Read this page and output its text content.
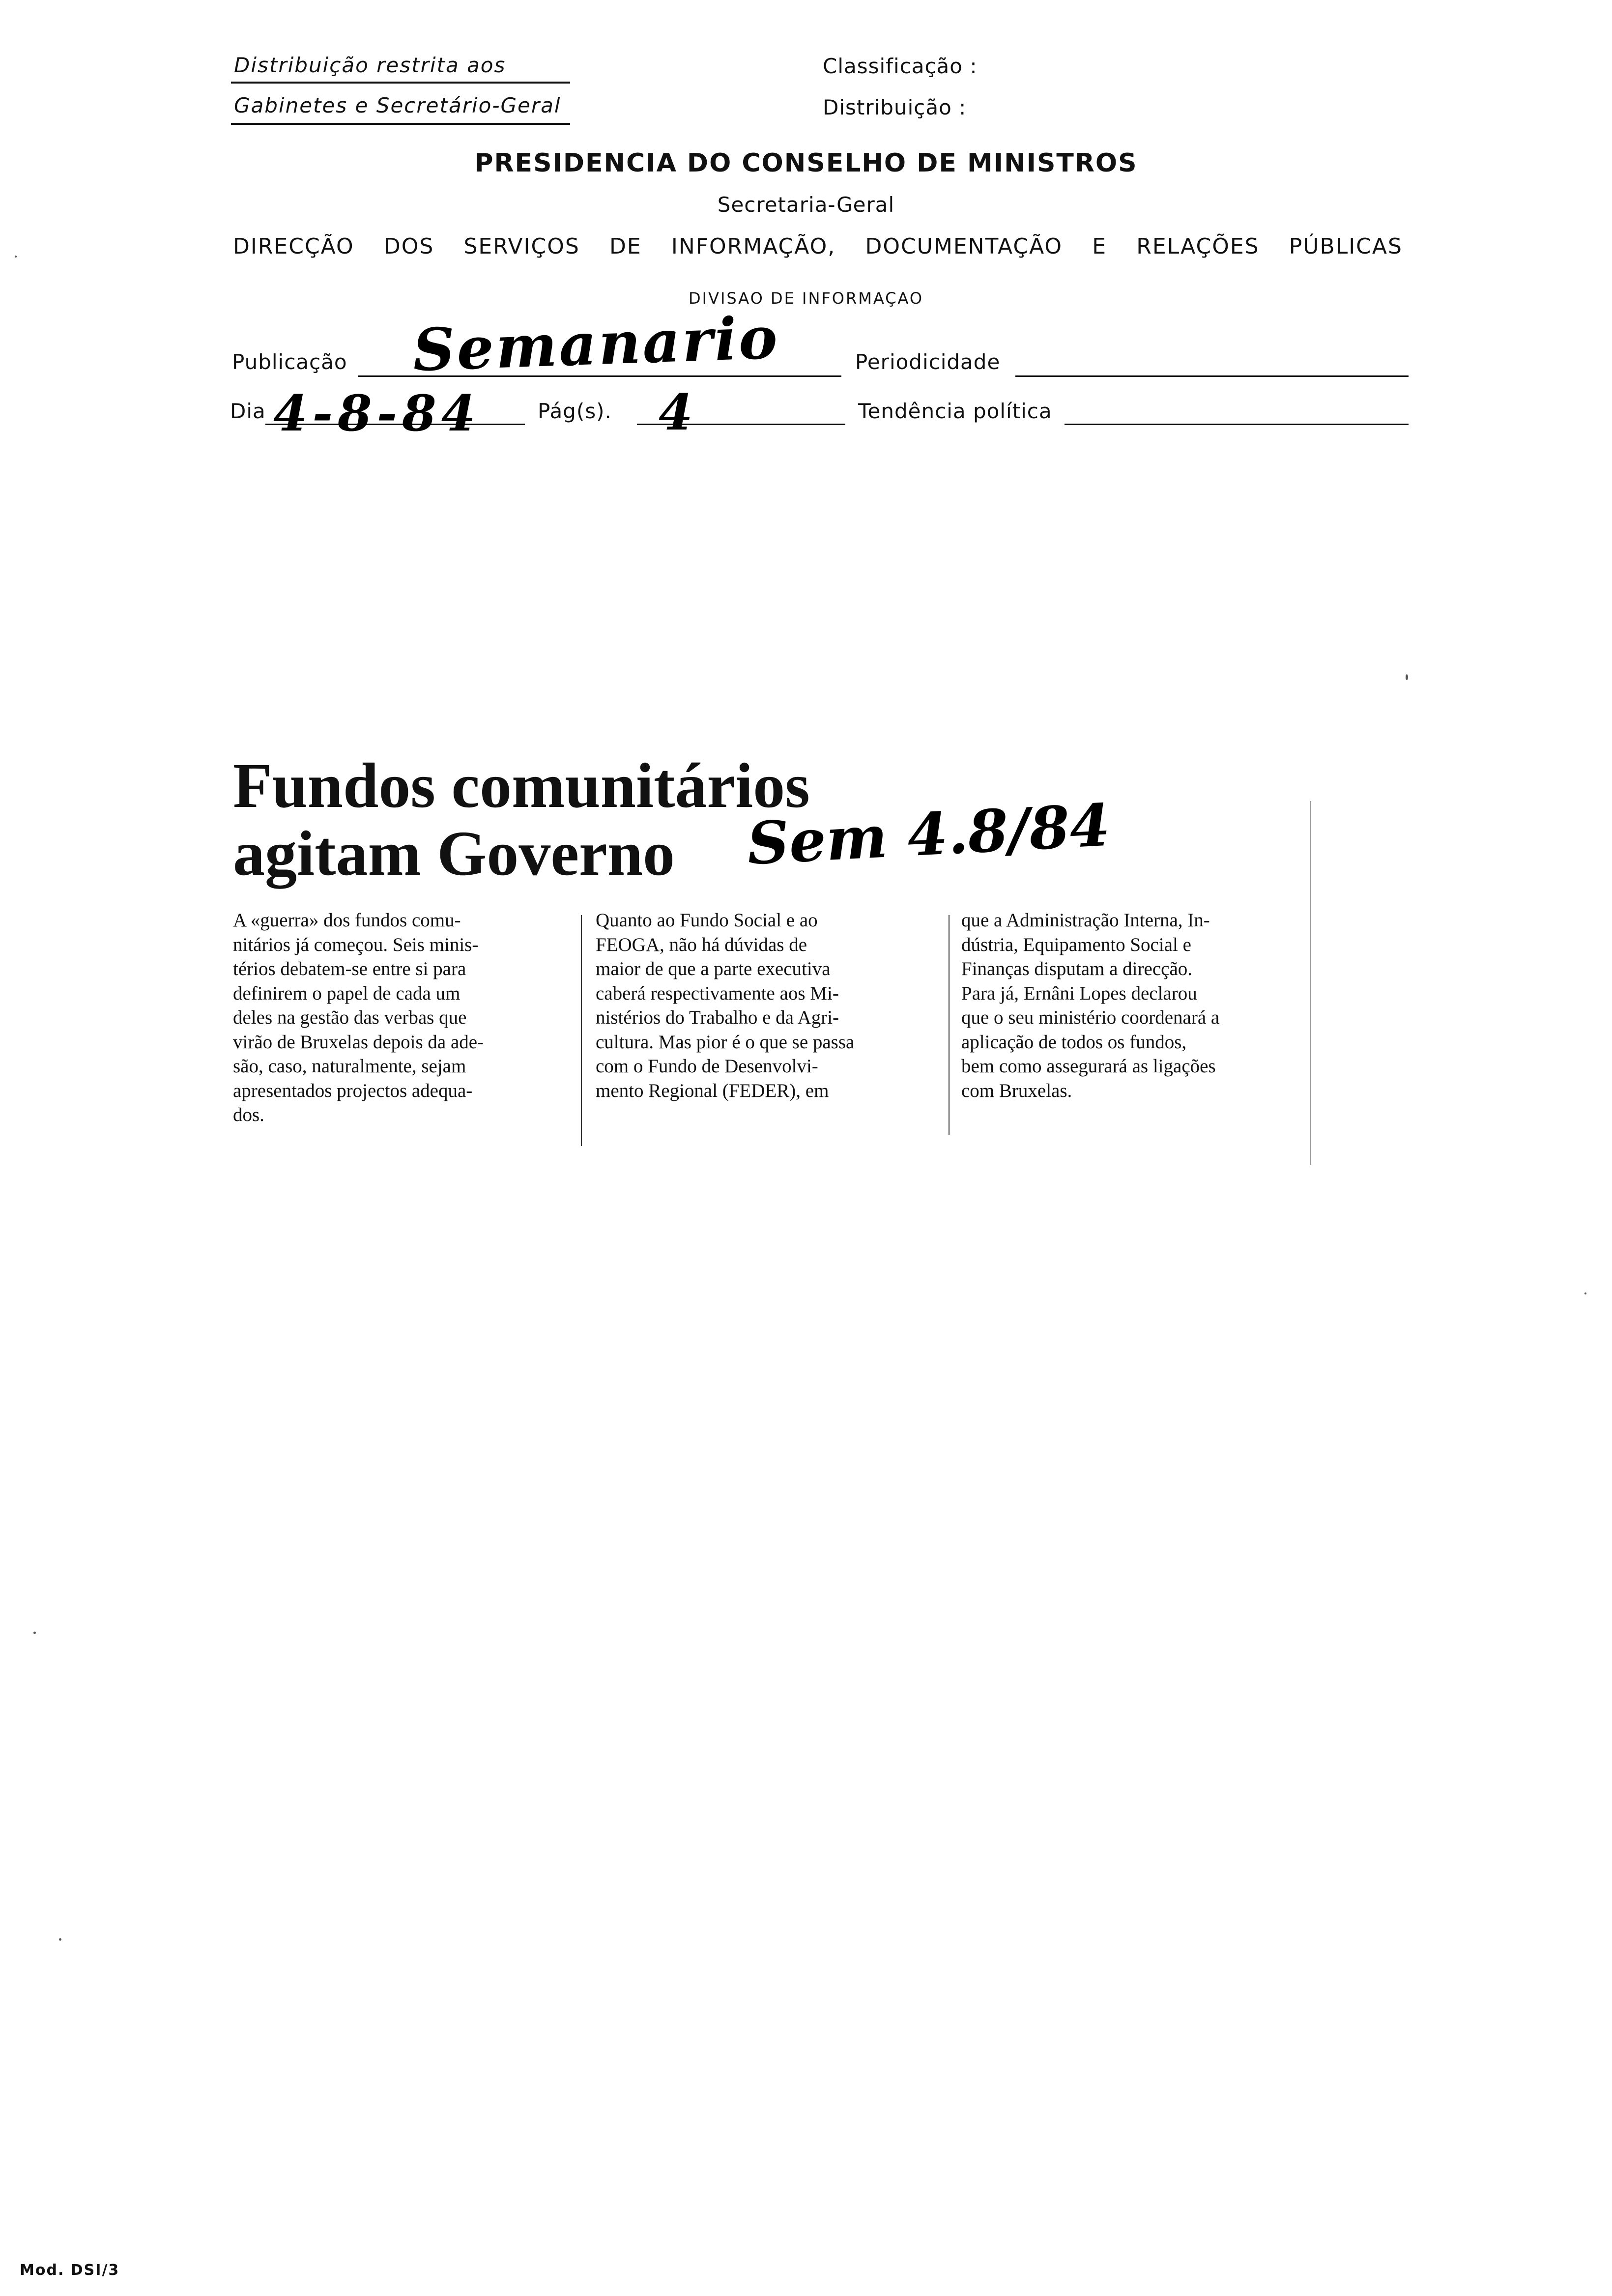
Distribuição restrita aos
Gabinetes e Secretário-Geral
Classificação :
Distribuição :
PRESIDENCIA DO CONSELHO DE MINISTROS
Secretaria-Geral
DIRECÇÃO DOS SERVIÇOS DE INFORMAÇÃO, DOCUMENTAÇÃO E RELAÇÕES PÚBLICAS
DIVISAO DE INFORMAÇAO
Publicação Semanario	Periodicidade
Dia 4-8-84	Pág(s). 4	Tendência política
Fundos comunitários
agitam Governo	Sem 4.8/84
A «guerra» dos fundos comu-
nitários já começou. Seis minis-
térios debatem-se entre si para
definirem o papel de cada um
deles na gestão das verbas que
virão de Bruxelas depois da ade-
são, caso, naturalmente, sejam
apresentados projectos adequa-
dos.
Quanto ao Fundo Social e ao
FEOGA, não há dúvidas de
maior de que a parte executiva
caberá respectivamente aos Mi-
nistérios do Trabalho e da Agri-
cultura. Mas pior é o que se passa
com o Fundo de Desenvolvi-
mento Regional (FEDER), em
que a Administração Interna, In-
dústria, Equipamento Social e
Finanças disputam a direcção.
Para já, Ernâni Lopes declarou
que o seu ministério coordenará a
aplicação de todos os fundos,
bem como assegurará as ligações
com Bruxelas.
Mod. DSI/3
